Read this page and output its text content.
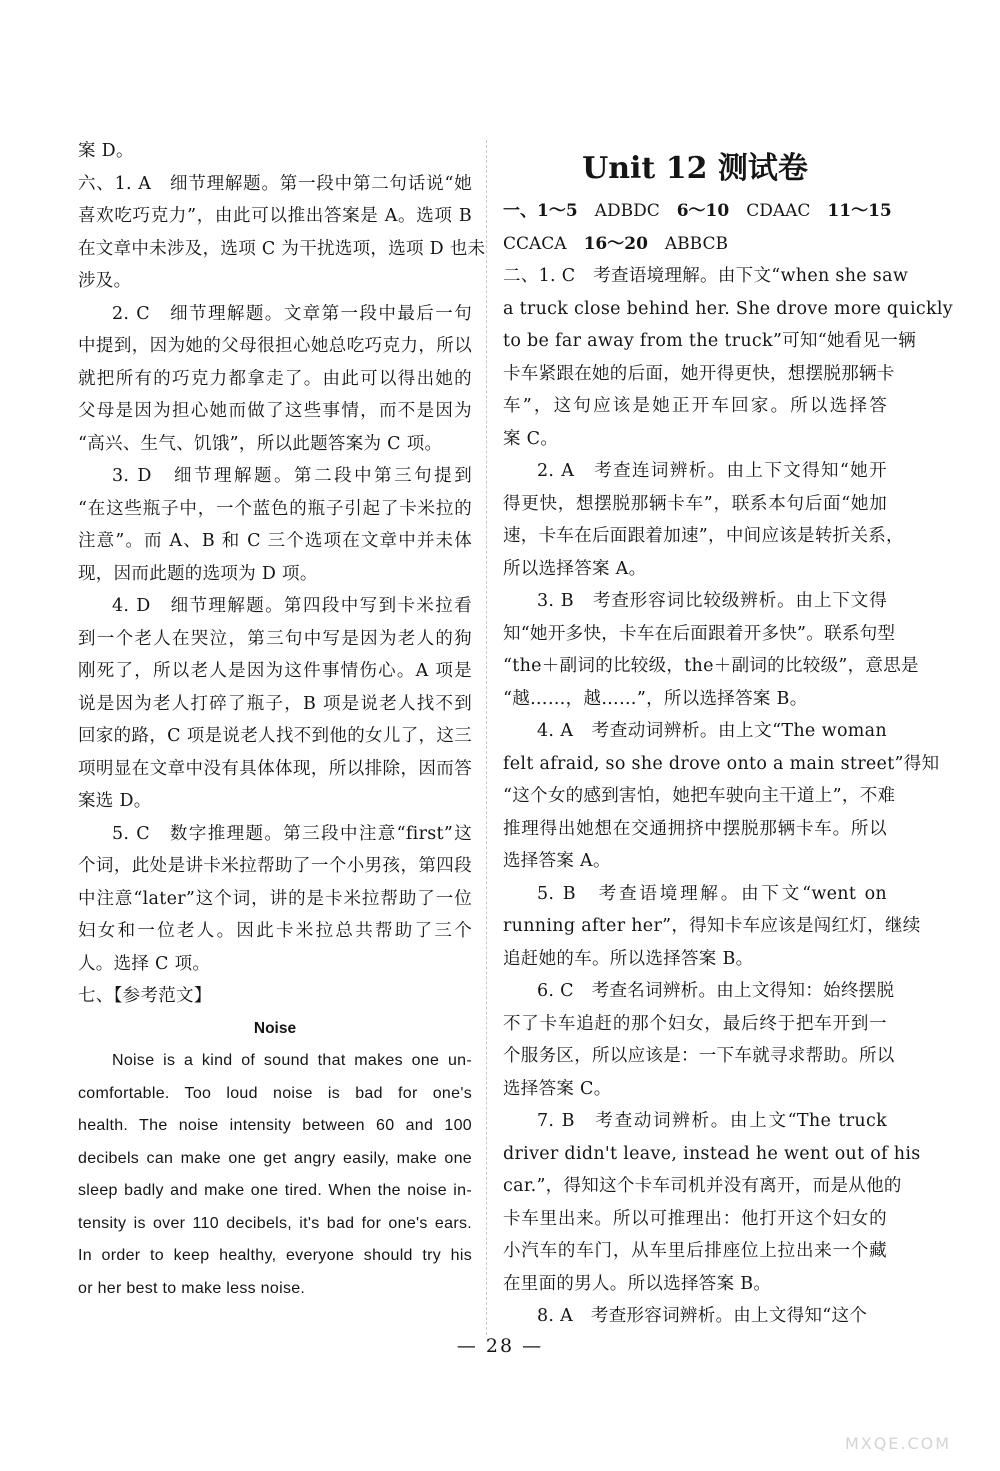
案 D。
六、1. A　细节理解题。第一段中第二句话说“她
喜欢吃巧克力”，由此可以推出答案是 A。选项 B
在文章中未涉及，选项 C 为干扰选项，选项 D 也未
涉及。
2. C　细节理解题。文章第一段中最后一句
中提到，因为她的父母很担心她总吃巧克力，所以
就把所有的巧克力都拿走了。由此可以得出她的
父母是因为担心她而做了这些事情，而不是因为
“高兴、生气、饥饿”，所以此题答案为 C 项。
3. D　细节理解题。第二段中第三句提到
“在这些瓶子中，一个蓝色的瓶子引起了卡米拉的
注意”。而 A、B 和 C 三个选项在文章中并未体
现，因而此题的选项为 D 项。
4. D　细节理解题。第四段中写到卡米拉看
到一个老人在哭泣，第三句中写是因为老人的狗
刚死了，所以老人是因为这件事情伤心。A 项是
说是因为老人打碎了瓶子，B 项是说老人找不到
回家的路，C 项是说老人找不到他的女儿了，这三
项明显在文章中没有具体体现，所以排除，因而答
案选 D。
5. C　数字推理题。第三段中注意“first”这
个词，此处是讲卡米拉帮助了一个小男孩，第四段
中注意“later”这个词，讲的是卡米拉帮助了一位
妇女和一位老人。因此卡米拉总共帮助了三个
人。选择 C 项。
七、【参考范文】
Noise
Noise is a kind of sound that makes one un-
comfortable. Too loud noise is bad for one's
health. The noise intensity between 60 and 100
decibels can make one get angry easily, make one
sleep badly and make one tired. When the noise in-
tensity is over 110 decibels, it's bad for one's ears.
In order to keep healthy, everyone should try his
or her best to make less noise.
Unit 12 测试卷
一、1～5  ADBDC  6～10  CDAAC  11～15 
CCACA  16～20  ABBCB 
二、1. C　考查语境理解。由下文“when she saw
a truck close behind her. She drove more quickly
to be far away from the truck”可知“她看见一辆
卡车紧跟在她的后面，她开得更快，想摆脱那辆卡
车”，这句应该是她正开车回家。所以选择答
案 C。
2. A　考查连词辨析。由上下文得知“她开
得更快，想摆脱那辆卡车”，联系本句后面“她加
速，卡车在后面跟着加速”，中间应该是转折关系，
所以选择答案 A。
3. B　考查形容词比较级辨析。由上下文得
知“她开多快，卡车在后面跟着开多快”。联系句型
“the＋副词的比较级，the＋副词的比较级”，意思是
“越……，越……”，所以选择答案 B。
4. A　考查动词辨析。由上文“The woman
felt afraid, so she drove onto a main street”得知
“这个女的感到害怕，她把车驶向主干道上”，不难
推理得出她想在交通拥挤中摆脱那辆卡车。所以
选择答案 A。
5. B　考查语境理解。由下文“went on
running after her”，得知卡车应该是闯红灯，继续
追赶她的车。所以选择答案 B。
6. C　考查名词辨析。由上文得知：始终摆脱
不了卡车追赶的那个妇女，最后终于把车开到一
个服务区，所以应该是：一下车就寻求帮助。所以
选择答案 C。
7. B　考查动词辨析。由上文“The truck
driver didn't leave, instead he went out of his
car.”，得知这个卡车司机并没有离开，而是从他的
卡车里出来。所以可推理出：他打开这个妇女的
小汽车的车门，从车里后排座位上拉出来一个藏
在里面的男人。所以选择答案 B。
8. A　考查形容词辨析。由上文得知“这个
— 28 —
MXQE.COM
